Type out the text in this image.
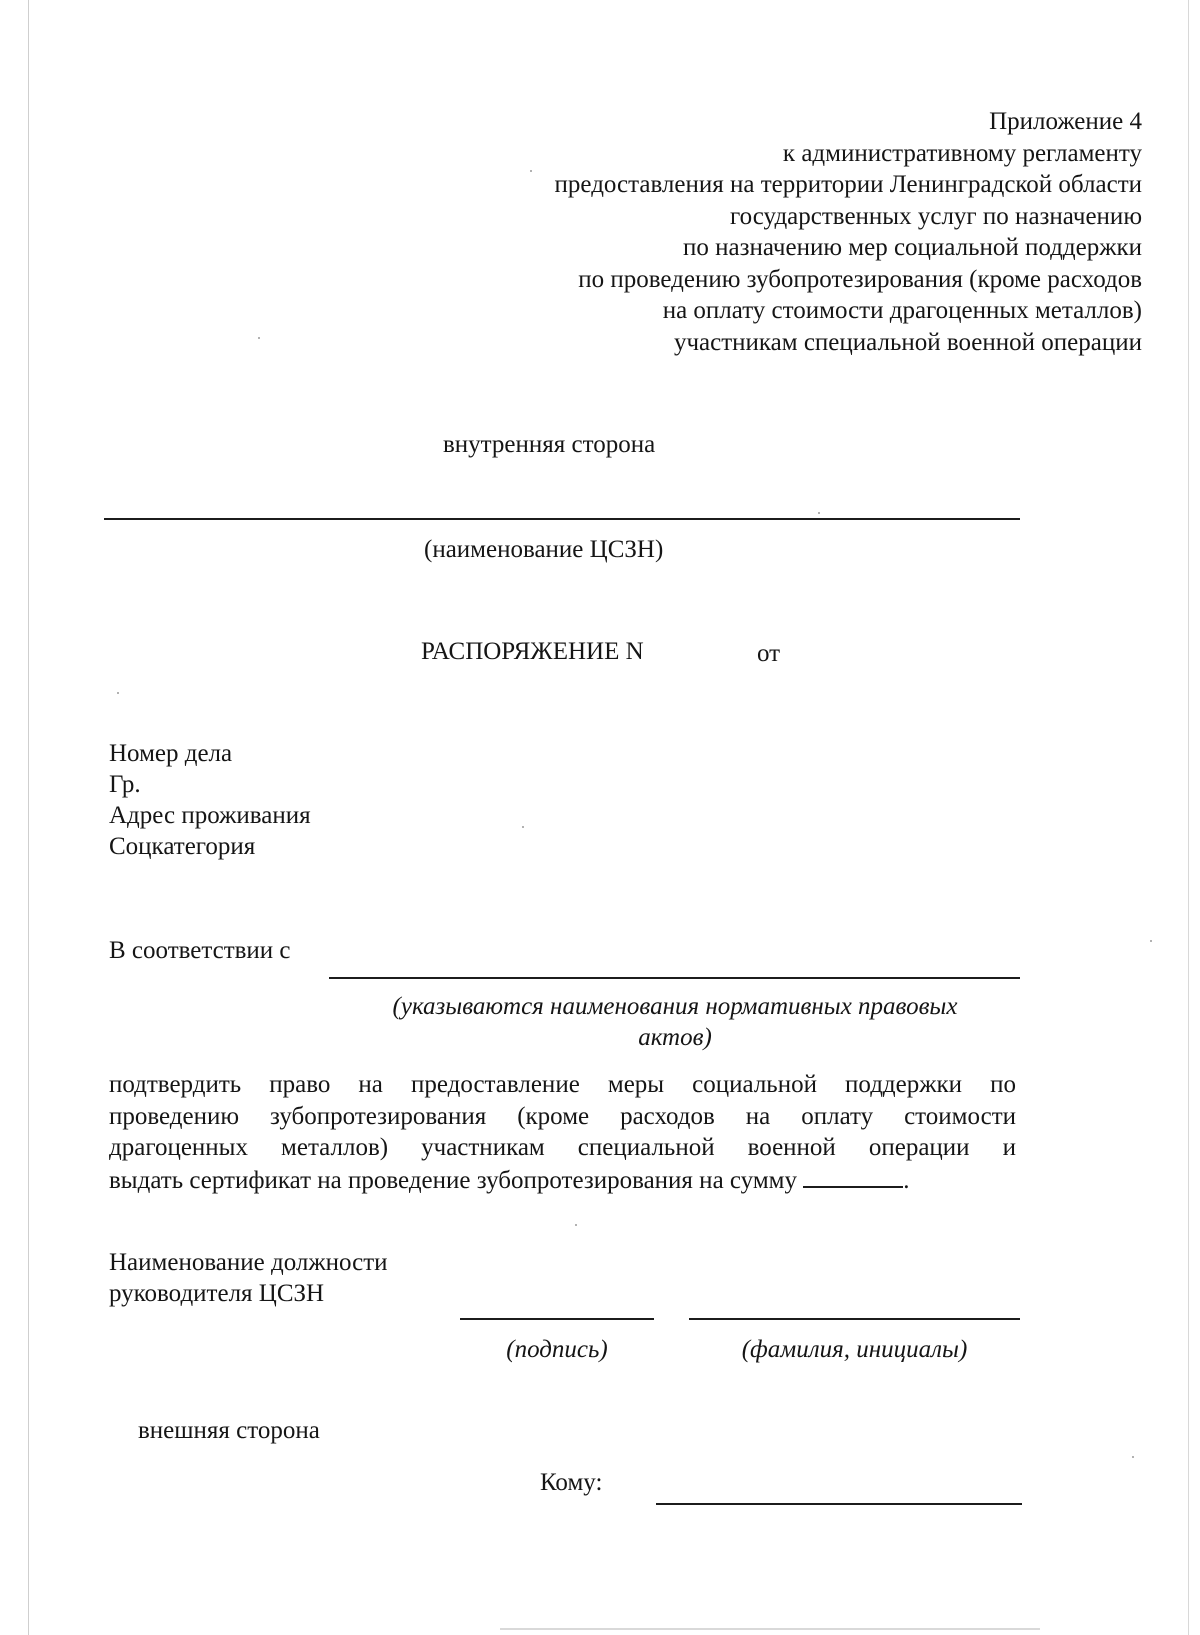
Приложение 4
к административному регламенту
предоставления на территории Ленинградской области
государственных услуг по назначению
по назначению мер социальной поддержки
по проведению зубопротезирования (кроме расходов
на оплату стоимости драгоценных металлов)
участникам специальной военной операции
внутренняя сторона
(наименование ЦСЗН)
РАСПОРЯЖЕНИЕ N	от
Номер дела
Гр.
Адрес проживания
Соцкатегория
В соответствии с
(указываются наименования нормативных правовых
актов)
подтвердить право на предоставление меры социальной поддержки по
проведению зубопротезирования (кроме расходов на оплату стоимости
драгоценных металлов) участникам специальной военной операции и
выдать сертификат на проведение зубопротезирования на сумму	.
Наименование должности
руководителя ЦСЗН
(подпись)	(фамилия, инициалы)
внешняя сторона
Кому:
